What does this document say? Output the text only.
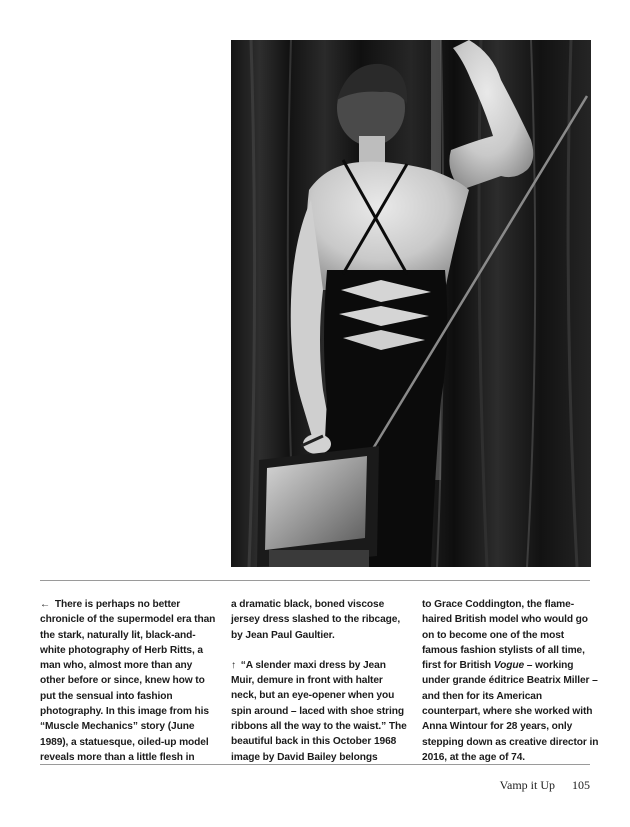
← There is perhaps no better chronicle of the supermodel era than the stark, naturally lit, black-and-white photography of Herb Ritts, a man who, almost more than any other before or since, knew how to put the sensual into fashion photography. In this image from his “Muscle Mechanics” story (June 1989), a statuesque, oiled-up model reveals more than a little flesh in

a dramatic black, boned viscose jersey dress slashed to the ribcage, by Jean Paul Gaultier.

↑ “A slender maxi dress by Jean Muir, demure in front with halter neck, but an eye-opener when you spin around – laced with shoe string ribbons all the way to the waist.” The beautiful back in this October 1968 image by David Bailey belongs

to Grace Coddington, the flame-haired British model who would go on to become one of the most famous fashion stylists of all time, first for British Vogue – working under grande éditrice Beatrix Miller – and then for its American counterpart, where she worked with Anna Wintour for 28 years, only stepping down as creative director in 2016, at the age of 74.

Vamp it Up 105
